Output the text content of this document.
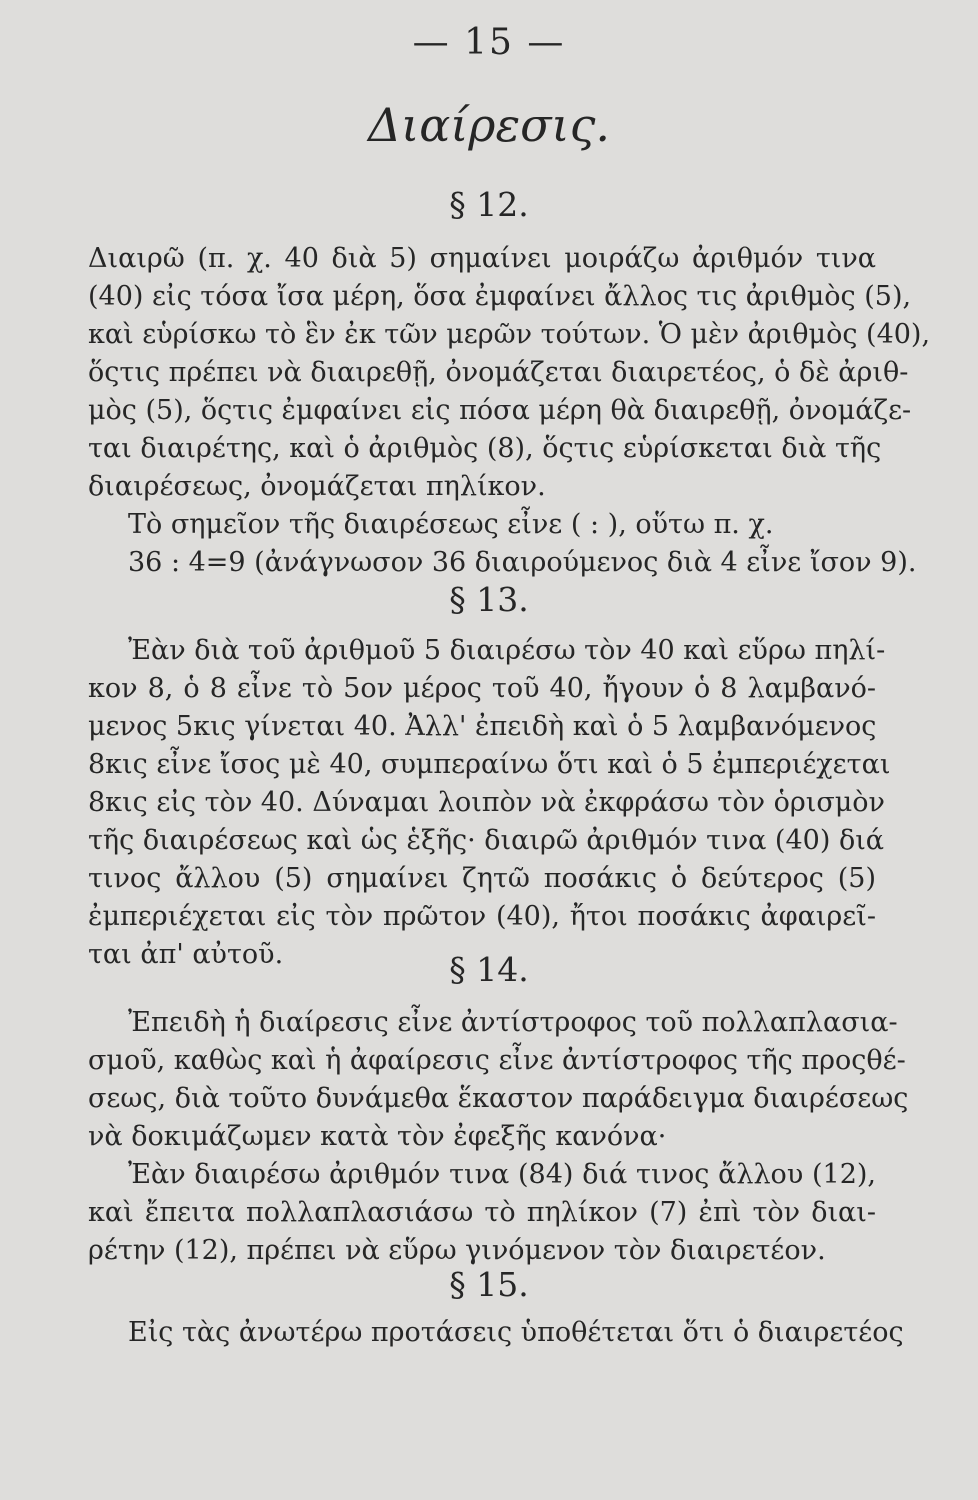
— 15 —
Διαίρεσις.
§ 12.
Διαιρῶ (π. χ. 40 διὰ 5) σημαίνει μοιράζω ἀριθμόν τινα
(40) εἰς τόσα ἴσα μέρη, ὅσα ἐμφαίνει ἄλλος τις ἀριθμὸς (5),
καὶ εὑρίσκω τὸ ἓν ἐκ τῶν μερῶν τούτων. Ὁ μὲν ἀριθμὸς (40),
ὅςτις πρέπει νὰ διαιρεθῇ, ὀνομάζεται διαιρετέος, ὁ δὲ ἀριθ-
μὸς (5), ὅςτις ἐμφαίνει εἰς πόσα μέρη θὰ διαιρεθῇ, ὀνομάζε-
ται διαιρέτης, καὶ ὁ ἀριθμὸς (8), ὅςτις εὑρίσκεται διὰ τῆς
διαιρέσεως, ὀνομάζεται πηλίκον.
Τὸ σημεῖον τῆς διαιρέσεως εἶνε ( : ), οὕτω π. χ.
36 : 4=9 (ἀνάγνωσον 36 διαιρούμενος διὰ 4 εἶνε ἴσον 9).
§ 13.
Ἐὰν διὰ τοῦ ἀριθμοῦ 5 διαιρέσω τὸν 40 καὶ εὕρω πηλί-
κον 8, ὁ 8 εἶνε τὸ 5ον μέρος τοῦ 40, ἤγουν ὁ 8 λαμβανό-
μενος 5κις γίνεται 40. Ἀλλ' ἐπειδὴ καὶ ὁ 5 λαμβανόμενος
8κις εἶνε ἴσος μὲ 40, συμπεραίνω ὅτι καὶ ὁ 5 ἐμπεριέχεται
8κις εἰς τὸν 40. Δύναμαι λοιπὸν νὰ ἐκφράσω τὸν ὁρισμὸν
τῆς διαιρέσεως καὶ ὡς ἑξῆς· διαιρῶ ἀριθμόν τινα (40) διά
τινος ἄλλου (5) σημαίνει ζητῶ ποσάκις ὁ δεύτερος (5)
ἐμπεριέχεται εἰς τὸν πρῶτον (40), ἤτοι ποσάκις ἀφαιρεῖ-
ται ἀπ' αὐτοῦ.	§ 14.
Ἐπειδὴ ἡ διαίρεσις εἶνε ἀντίστροφος τοῦ πολλαπλασια-
σμοῦ, καθὼς καὶ ἡ ἀφαίρεσις εἶνε ἀντίστροφος τῆς προςθέ-
σεως, διὰ τοῦτο δυνάμεθα ἕκαστον παράδειγμα διαιρέσεως
νὰ δοκιμάζωμεν κατὰ τὸν ἐφεξῆς κανόνα·
Ἐὰν διαιρέσω ἀριθμόν τινα (84) διά τινος ἄλλου (12),
καὶ ἔπειτα πολλαπλασιάσω τὸ πηλίκον (7) ἐπὶ τὸν διαι-
ρέτην (12), πρέπει νὰ εὕρω γινόμενον τὸν διαιρετέον.
§ 15.
Εἰς τὰς ἀνωτέρω προτάσεις ὑποθέτεται ὅτι ὁ διαιρετέος
